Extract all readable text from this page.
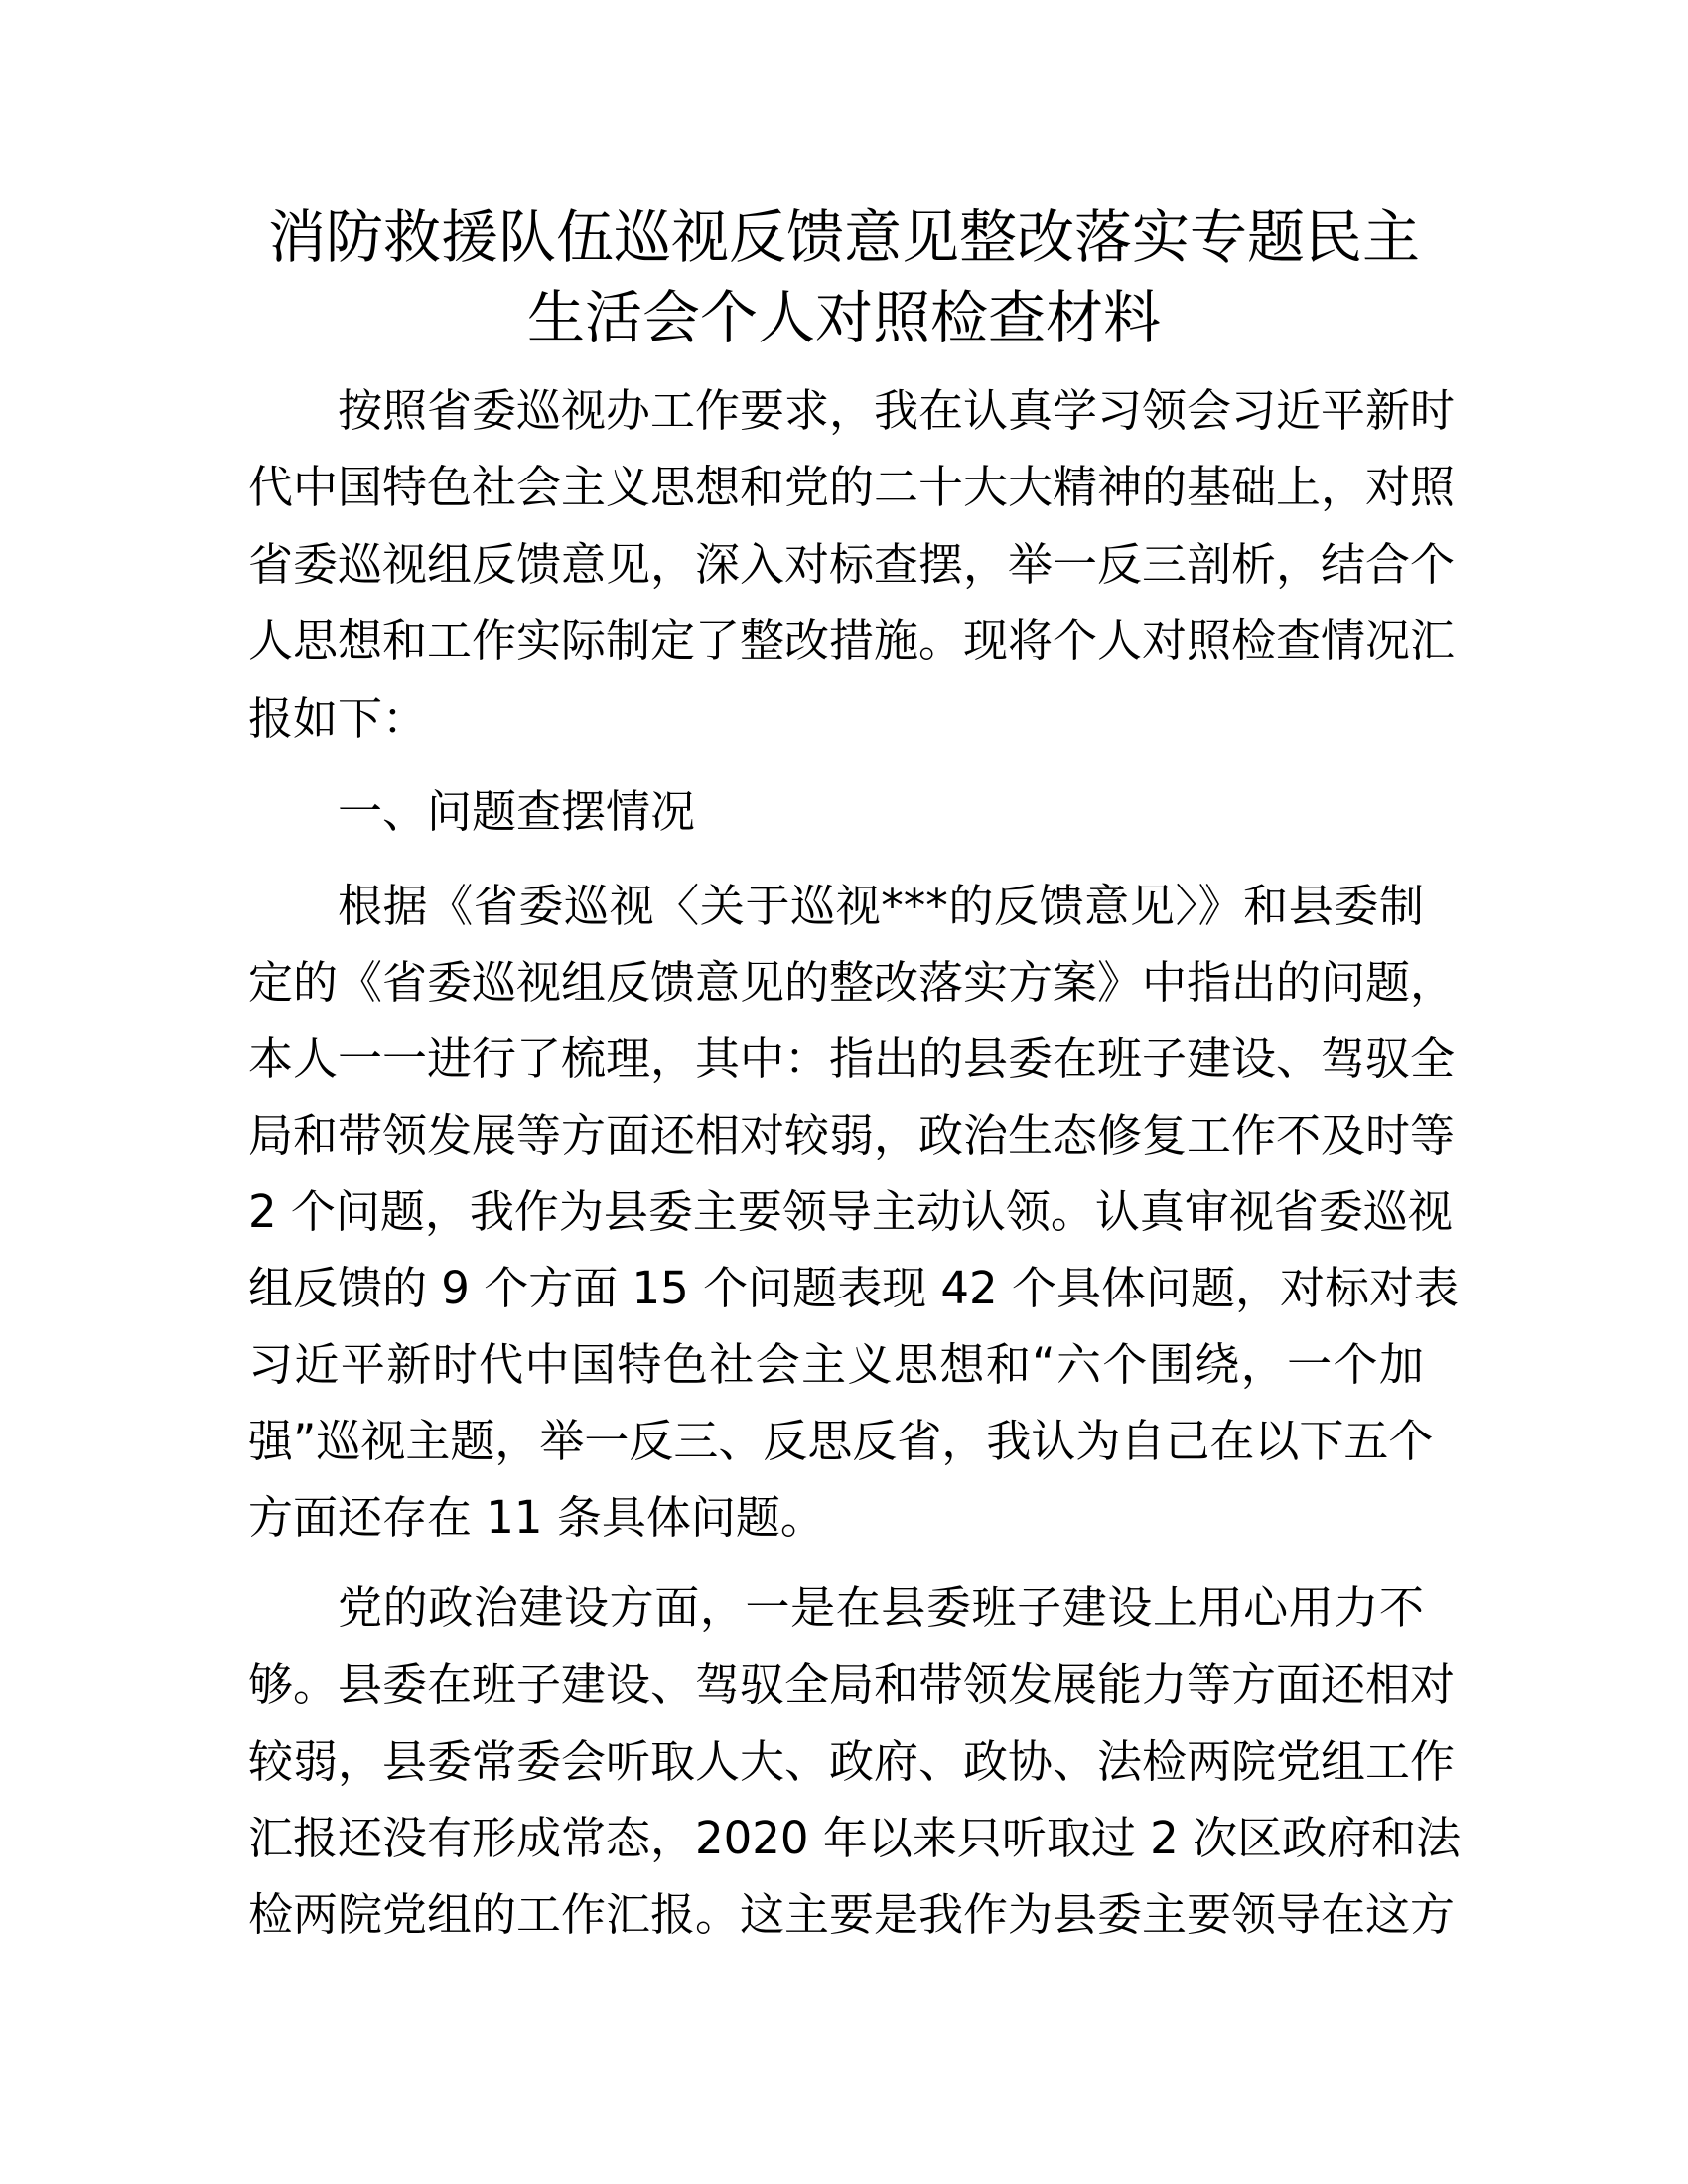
消防救援队伍巡视反馈意见整改落实专题民主
生活会个人对照检查材料
按照省委巡视办工作要求，我在认真学习领会习近平新时
代中国特色社会主义思想和党的二十大大精神的基础上，对照
省委巡视组反馈意见，深入对标查摆，举一反三剖析，结合个
人思想和工作实际制定了整改措施。现将个人对照检查情况汇
报如下：
一、问题查摆情况
根据《省委巡视〈关于巡视***的反馈意见〉》和县委制
定的《省委巡视组反馈意见的整改落实方案》中指出的问题，
本人一一进行了梳理，其中：指出的县委在班子建设、驾驭全
局和带领发展等方面还相对较弱，政治生态修复工作不及时等
2 个问题，我作为县委主要领导主动认领。认真审视省委巡视
组反馈的 9 个方面 15 个问题表现 42 个具体问题，对标对表
习近平新时代中国特色社会主义思想和“六个围绕，一个加
强”巡视主题，举一反三、反思反省，我认为自己在以下五个
方面还存在 11 条具体问题。
党的政治建设方面，一是在县委班子建设上用心用力不
够。县委在班子建设、驾驭全局和带领发展能力等方面还相对
较弱，县委常委会听取人大、政府、政协、法检两院党组工作
汇报还没有形成常态，2020 年以来只听取过 2 次区政府和法
检两院党组的工作汇报。这主要是我作为县委主要领导在这方
